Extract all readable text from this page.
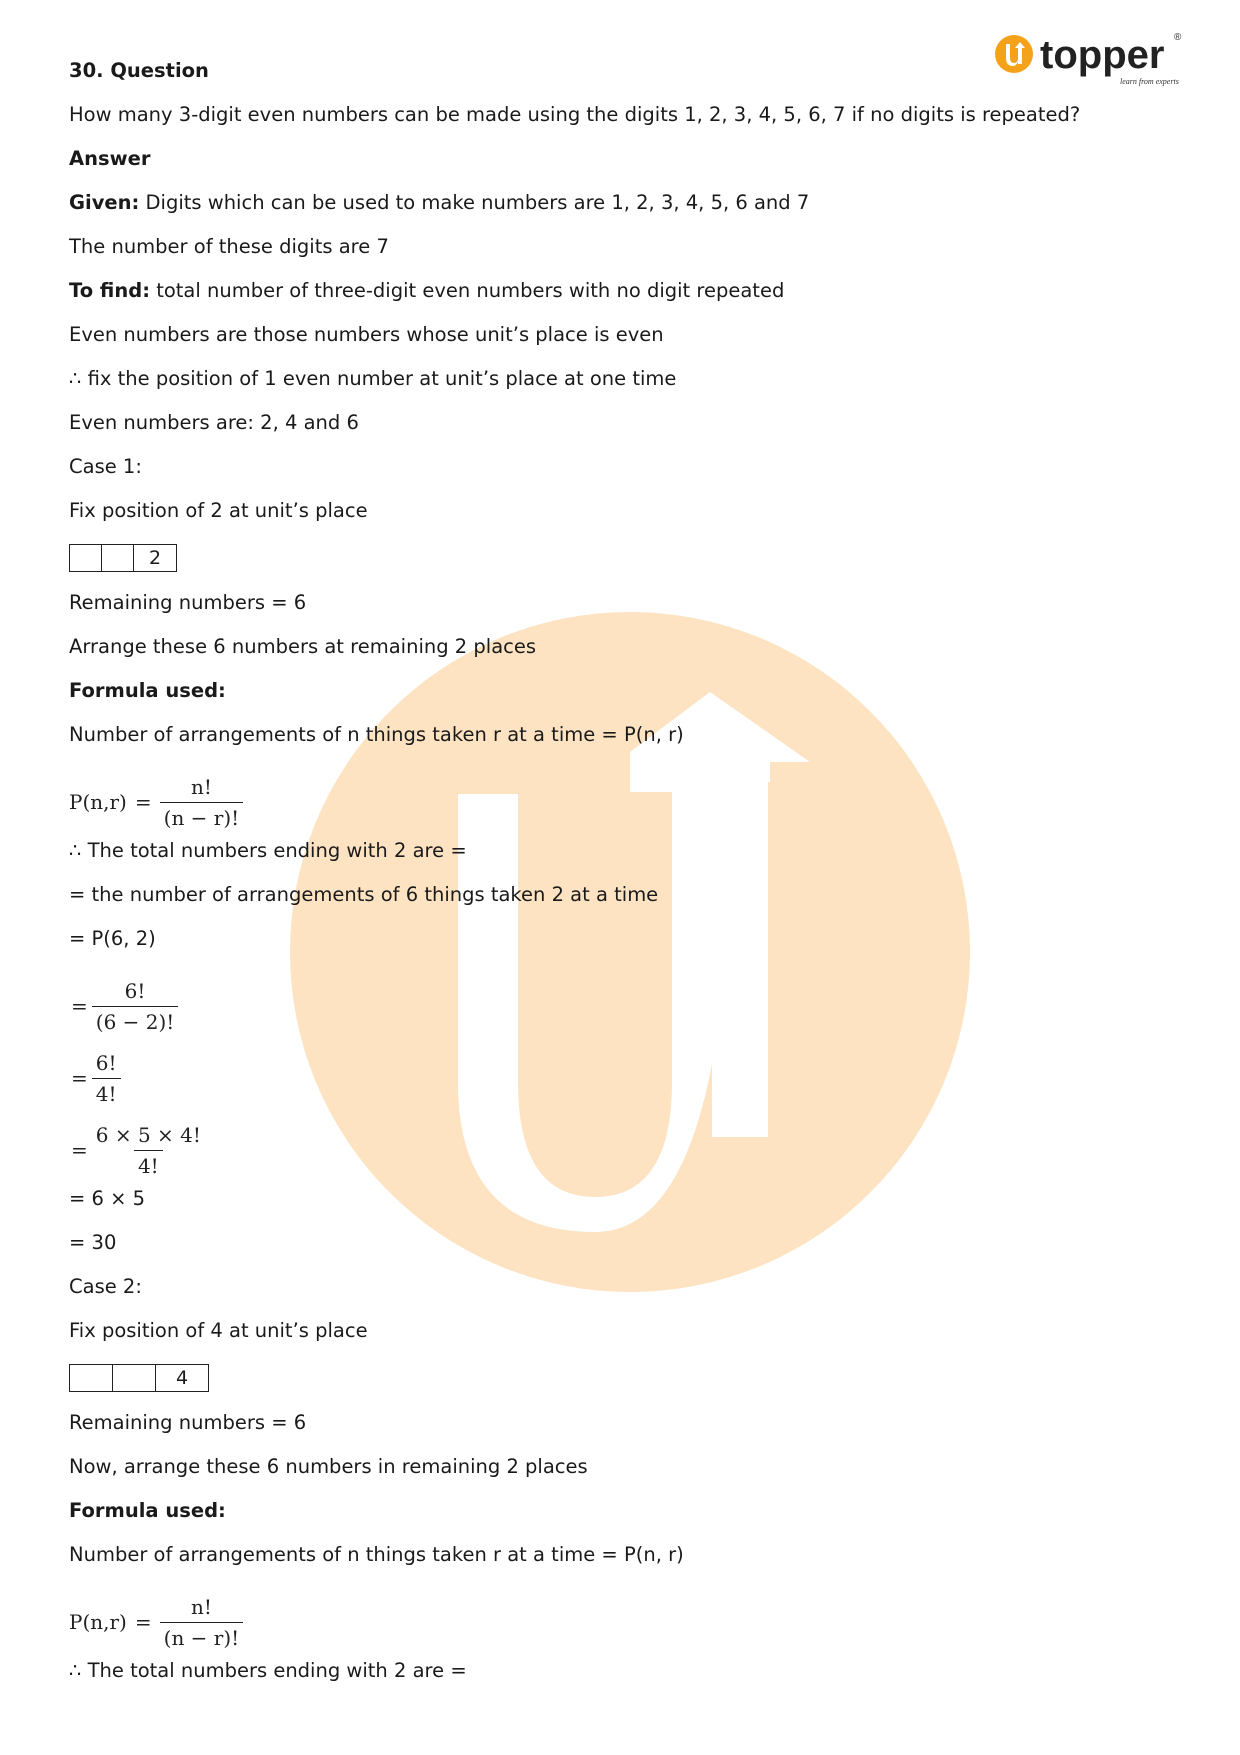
topper
learn from experts
®
30. Question
How many 3-digit even numbers can be made using the digits 1, 2, 3, 4, 5, 6, 7 if no digits is repeated?
Answer
Given: Digits which can be used to make numbers are 1, 2, 3, 4, 5, 6 and 7
The number of these digits are 7
To find: total number of three-digit even numbers with no digit repeated
Even numbers are those numbers whose unit’s place is even
∴ fix the position of 1 even number at unit’s place at one time
Even numbers are: 2, 4 and 6
Case 1:
Fix position of 2 at unit’s place
2
Remaining numbers = 6
Arrange these 6 numbers at remaining 2 places
Formula used:
Number of arrangements of n things taken r at a time = P(n, r)
$P(n,r) = \frac{n!}{(n - r)!}$
∴ The total numbers ending with 2 are =
= the number of arrangements of 6 things taken 2 at a time
= P(6, 2)
= $\frac{6!}{(6 - 2)!}$
= $\frac{6!}{4!}$
= $\frac{6 \times 5 \times 4!}{4!}$
= 6 × 5
= 30
Case 2:
Fix position of 4 at unit’s place
4
Remaining numbers = 6
Now, arrange these 6 numbers in remaining 2 places
Formula used:
Number of arrangements of n things taken r at a time = P(n, r)
$P(n,r) = \frac{n!}{(n - r)!}$
∴ The total numbers ending with 2 are =
